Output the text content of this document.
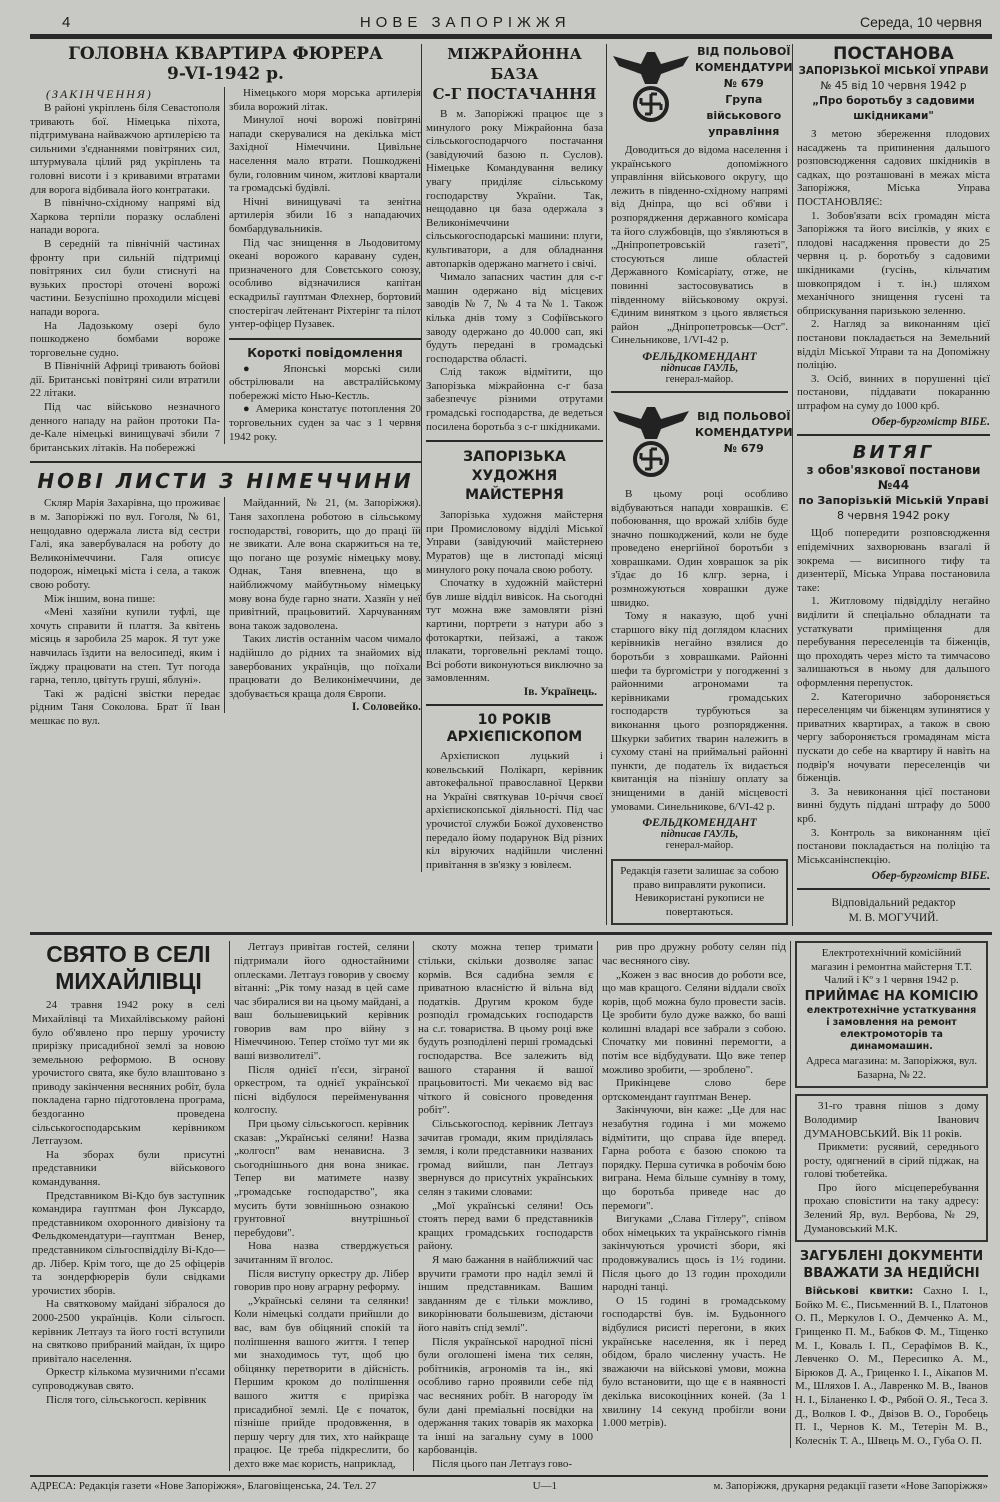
4	НОВЕ ЗАПОРІЖЖЯ	Середа, 10 червня
ГОЛОВНА КВАРТИРА ФЮРЕРА
9-VI-1942 р.
(ЗАКІНЧЕННЯ)

В районі укріплень біля Севастополя тривають бої. Німецька піхота, підтримувана найважчою артилерією та сильними з'єднаннями повітряних сил, штурмувала цілий ряд укріплень та головні висоти і з кривавими втратами для ворога відбивала його контратаки.

В північно-східному напрямі від Харкова терпіли поразку ослаблені напади ворога.

В середній та північній частинах фронту при сильній підтримці повітряних сил були стиснуті на вузьких просторі оточені ворожі частини. Безуспішно проходили місцеві напади ворога.

На Ладозькому озері було пошкоджено бомбами вороже торговельне судно.

В Північній Африці тривають бойові дії. Британські повітряні сили втратили 22 літаки.

Під час військово незначного денного нападу на район протоки Па-де-Кале німецькі винищувачі збили 7 британських літаків. На побережжі

Німецького моря морська артилерія збила ворожий літак.

Минулої ночі ворожі повітряні напади скерувалися на декілька міст Західної Німеччини. Цивільне населення мало втрати. Пошкоджені були, головним чином, житлові квартали та громадські будівлі.

Нічні винищувачі та зенітна артилерія збили 16 з нападаючих бомбардувальників.

Під час знищення в Льодовитому океані ворожого каравану суден, призначеного для Совєтського союзу, особливо відзначилися капітан ескадрильї гауптман Флехнер, бортовий спостерігач лейтенант Ріхтерінг та пілот унтер-офіцер Пузавек.

Короткі повідомлення

● Японські морські сили обстрілювали на австралійському побережжі місто Нью-Кестль.

● Америка констатує потоплення 20 торговельних суден за час з 1 червня 1942 року.

НОВІ ЛИСТИ З НІМЕЧЧИНИ

Скляр Марія Захарівна, що проживає в м. Запоріжжі по вул. Гоголя, № 61, нещодавно одержала листа від сестри Галі, яка завербувалася на роботу до Великонімеччини. Галя описує подорож, німецькі міста і села, а також свою роботу.

Між іншим, вона пише:

«Мені хазяїни купили туфлі, ще хочуть справити й плаття. За квітень місяць я заробила 25 марок. Я тут уже навчилась їздити на велосипеді, яким і їжджу працювати на степ. Тут погода гарна, тепло, цвітуть груші, яблуні».

Такі ж радісні звістки передає рідним Таня Соколова. Брат її Іван мешкає по вул.

Майданний, № 21, (м. Запоріжжя). Таня захоплена роботою в сільському господарстві, говорить, що до праці їй не звикати. Але вона скаржиться на те, що погано ще розуміє німецьку мову. Однак, Таня впевнена, що в найближчому майбутньому німецьку мову вона буде гарно знати. Хазяїн у неї привітний, працьовитий. Харчуванням вона також задоволена.

Таких листів останнім часом чимало надійшло до рідних та знайомих від завербованих українців, що поїхали працювати до Великонімеччини, де здобувається краща доля Європи.

І. Соловейко.
МІЖРАЙОННА БАЗА
С-Г ПОСТАЧАННЯ

В м. Запоріжжі працює ще з минулого року Міжрайонна база сільськогосподарчого постачання (завідуючий базою п. Суслов). Німецьке Командування велику увагу приділяє сільському господарству України. Так, нещодавно ця база одержала з Великонімеччини сільськогосподарські машини: плуги, культиватори, а для обладнання автопарків одержано магнето і свічі.

Чимало запасних частин для с-г машин одержано від місцевих заводів № 7, № 4 та № 1. Також кілька днів тому з Софіївського заводу одержано до 40.000 сап, які будуть передані в громадські господарства області.

Слід також відмітити, що Запорізька міжрайонна с-г база забезпечує різними отрутами громадські господарства, де ведеться посилена боротьба з с-г шкідниками.

ЗАПОРІЗЬКА ХУДОЖНЯ МАЙСТЕРНЯ

Запорізька художня майстерня при Промисловому відділі Міської Управи (завідуючий майстернею Муратов) ще в листопаді місяці минулого року почала свою роботу.

Спочатку в художній майстерні був лише відділ вивісок. На сьогодні тут можна вже замовляти різні картини, портрети з натури або з фотокартки, пейзажі, а також плакати, торговельні рекламі тощо. Всі роботи виконуються виключно за замовленням.

Ів. Українець.
10 РОКІВ
АРХІЄПІСКОПОМ

Архієпископ луцький і ковельський Полікарп, керівник автокефальної православної Церкви на Україні святкував 10-річчя своєї архієпископської діяльності. Під час урочистої служби Божої духовенство передало йому подарунок Від різних кіл віруючих надійшли численні привітання в зв'язку з ювілеєм.

ВІД ПОЛЬОВОЇ КОМЕНДАТУРИ
№ 679
Група військового управління

Доводиться до відома населення і українського допоміжного управління військового округу, що лежить в південно-східному напрямі від Дніпра, що всі об'яви і розпорядження державного комісара та його службовців, що з'являються в „Дніпропетровській газеті", стосуються лише областей Державного Комісаріату, отже, не повинні застосовуватись в південному військовому окрузі. Єдиним винятком з цього являється район „Дніпропетровськ—Ост". Синельникове, 1/VI-42 р.

ФЕЛЬДКОМЕНДАНТ
підписав ГАУЛЬ,
генерал-майор.
ВІД ПОЛЬОВОЇ КОМЕНДАТУРИ
№ 679

В цьому році особливо відбуваються напади ховрашків. Є побоювання, що врожай хлібів буде значно пошкоджений, коли не буде проведено енергійної боротьби з ховрашками. Один ховрашок за рік з'їдає до 16 клгр. зерна, і розмножуються ховрашки дуже швидко.

Тому я наказую, щоб учні старшого віку під доглядом класних керівників негайно взялися до боротьби з ховрашками. Районні шефи та бургомістри у погодженні з районними агрономами та керівниками громадських господарств турбуються за виконання цього розпорядження. Шкурки забитих тварин належить в сухому стані на приймальні районні пункти, де податель їх видається квитанція на пізнішу оплату за знищеними в даній місцевості умовами. Синельникове, 6/VI-42 р.

ФЕЛЬДКОМЕНДАНТ
підписав ГАУЛЬ,
генерал-майор.
Редакція газети залишає за собою право виправляти рукописи. Невикористані рукописи не повертаються.
ПОСТАНОВА
ЗАПОРІЗЬКОЇ МІСЬКОЇ УПРАВИ
№ 45 від 10 червня 1942 р
„Про боротьбу з садовими шкідниками"

З метою збереження плодових насаджень та припинення дальшого розповсюдження садових шкідників в садках, що розташовані в межах міста Запоріжжя, Міська Управа ПОСТАНОВЛЯЄ:

1. Зобов'язати всіх громадян міста Запоріжжя та його висілків, у яких є плодові насадження провести до 25 червня ц. р. боротьбу з садовими шкідниками (гусінь, кільчатим шовкопрядом і т. ін.) шляхом механічного знищення гусені та обприскування паризькою зеленню.

2. Нагляд за виконанням цієї постанови покладається на Земельний відділ Міської Управи та на Допоміжну поліцію.

3. Осіб, винних в порушенні цієї постанови, піддавати покаранню штрафом на суму до 1000 крб.

Обер-бургомістр ВІБЕ.
ВИТЯГ
з обов'язкової постанови №44
по Запорізькій Міській Управі
8 червня 1942 року

Щоб попередити розповсюдження епідемічних захворювань взагалі й зокрема — висипного тифу та дизентерії, Міська Управа постановила таке:

1. Житловому підвідділу негайно виділити й спеціально обладнати та устаткувати приміщення для перебування переселенців та біженців, що проходять через місто та тимчасово залишаються в ньому для дальшого оформлення перепусток.

2. Категорично забороняється переселенцям чи біженцям зупинятися у приватних квартирах, а також в свою чергу забороняється громадянам міста пускати до себе на квартиру й навіть на подвір'я ночувати переселенців чи біженців.

3. За невиконання цієї постанови винні будуть піддані штрафу до 5000 крб.

3. Контроль за виконанням цієї постанови покладається на поліцію та Міськсанінспекцію.

Обер-бургомістр ВІБЕ.
Відповідальний редактор
М. В. МОГУЧИЙ.
СВЯТО В СЕЛІ
МИХАЙЛІВЦІ

24 травня 1942 року в селі Михайлівці та Михайлівському районі було об'явлено про першу урочисту прирізку присадибної землі за новою земельною реформою. В основу урочистого свята, яке було влаштовано з приводу закінчення весняних робіт, була покладена гарно підготовлена програма, бездоганно проведена сільськогосподарським керівником Летгаузом.

На зборах були присутні представники військового командування.

Представником Ві-Кдо був заступник командира гауптман фон Луксардо, представником охоронного дивізіону та Фельдкомендатури—гауптман Венер, представником сільгоспвідділу Ві-Кдо—др. Лібер. Крім того, ще до 25 офіцерів та зондерфюрерів були свідками урочистих зборів.

На святковому майдані зібралося до 2000-2500 українців. Коли сільгосп. керівник Летгауз та його гості вступили на святково прибраний майдан, їх щиро привітало населення.

Оркестр кількома музичними п'єсами супроводжував свято.

Після того, сільськогосп. керівник

Летгауз привітав гостей, селяни підтримали його одностайними оплесками. Летгауз говорив у своєму вітанні: „Рік тому назад в цей саме час збиралися ви на цьому майдані, а ваш большевицький керівник говорив вам про війну з Німеччиною. Тепер стоїмо тут ми як ваші визволителі".

Після однієї п'єси, зіграної оркестром, та однієї української пісні відбулося перейменування колгоспу.

При цьому сільськогосп. керівник сказав: „Українські селяни! Назва „колгосп" вам ненависна. З сьогоднішнього дня вона зникає. Тепер ви матимете назву „громадське господарство", яка мусить бути зовнішньою ознакою грунтовної внутрішньої перебудови".

Нова назва стверджується зачитанням її вголос.

Після виступу оркестру др. Лібер говорив про нову аграрну реформу.

„Українські селяни та селянки! Коли німецькі солдати прийшли до вас, вам був обіцяний спокій та поліпшення вашого життя. І тепер ми знаходимось тут, щоб цю обіцянку перетворити в дійсність. Першим кроком до поліпшення вашого життя є прирізка присадибної землі. Це є початок, пізніше прийде продовження, в першу чергу для тих, хто найкраще працює. Це треба підкреслити, бо дехто вже має користь, наприклад,

скоту можна тепер тримати стільки, скільки дозволяє запас кормів. Вся садибна земля є приватною власністю й вільна від податків. Другим кроком буде розподіл громадських господарств на с.г. товариства. В цьому році вже будуть розподілені перші громадські господарства. Все залежить від вашого старання й вашої працьовитості. Ми чекаємо від вас чіткого й совісного проведення робіт".

Сільськогоспод. керівник Летгауз зачитав громади, яким приділялась земля, і коли представники названих громад вийшли, пан Летгауз звернувся до присутніх українських селян з такими словами:

„Мої українські селяни! Ось стоять перед вами 6 представників кращих громадських господарств району.

Я маю бажання в найближчий час вручити грамоти про наділ землі й іншим представникам. Вашим завданням де є тільки можливо, викорінювати большевизм, дістаючи його навіть спід землі".

Після української народної пісні були оголошені імена тих селян, робітників, агрономів та ін., які особливо гарно проявили себе під час весняних робіт. В нагороду їм були дані преміальні посвідки на одержання таких товарів як махорка та інші на загальну суму в 1000 карбованців.

Після цього пан Летгауз гово-

рив про дружну роботу селян під час весняного сіву.

„Кожен з вас вносив до роботи все, що мав кращого. Селяни віддали своїх корів, щоб можна було провести засів. Це зробити було дуже важко, бо ваші колишні владарі все забрали з собою. Спочатку ми повинні перемогти, а потім все відбудувати. Що вже тепер можливо зробити, — зроблено".

Прикінцеве слово бере ортскомендант гауптман Венер.

Закінчуючи, він каже: „Це для нас незабутня година і ми можемо відмітити, що справа йде вперед. Гарна робота є базою спокою та порядку. Перша сутичка в робочім бою виграна. Нема більше сумніву в тому, що боротьба приведе нас до перемоги".

Вигуками „Слава Гітлеру", співом обох німецьких та українського гімнів закінчуються урочисті збори, які продовжувались щось із 1½ години. Після цього до 13 годин проходили народні танці.

О 15 годині в громадському господарстві був. ім. Будьонного відбулися рисисті перегони, в яких українське населення, як і перед обідом, брало численну участь. Не зважаючи на військові умови, можна було встановити, що ще є в наявності декілька високоцінних коней. (За 1 хвилину 14 секунд пробігли вони 1.000 метрів).

Електротехнічний комісійний магазин і ремонтна майстерня Т.Т. Чалий і Кº з 1 червня 1942 р.
ПРИЙМАЄ НА КОМІСІЮ
електротехнічне устаткування і замовлення на ремонт електромоторів та динамомашин.
Адреса магазина: м. Запоріжжя, вул. Базарна, № 22.

31-го травня пішов з дому Володимир Іванович ДУМАНОВСЬКИЙ. Вік 11 років.

Прикмети: русявий, середнього росту, одягнений в сірий піджак, на голові тюбетейка.

Про його місцеперебування прохаю сповістити на таку адресу: Зелений Яр, вул. Вербова, № 29, Думановський М.К.

ЗАГУБЛЕНІ ДОКУМЕНТИ
ВВАЖАТИ ЗА НЕДІЙСНІ
Військові квитки: Сахно І. І., Бойко М. Є., Письменний В. І., Платонов О. П., Меркулов І. О., Демченко А. М., Грищенко П. М., Бабков Ф. М., Тіщенко М. І., Коваль І. П., Серафімов В. К., Левченко О. М., Пересипко А. М., Бірюков Д. А., Гриценко І. І., Аікапов М. М., Шляхов І. А., Лавренко М. В., Іванов Н. І., Біланенко І. Ф., Рябой О. Я., Теса З. Д., Волков І. Ф., Двізов В. О., Горобець П. І., Чернов К. М., Тетерін М. В., Колеснік Т. А., Швець М. О., Губа О. П.
АДРЕСА: Редакція газети «Нове Запоріжжя», Благовіщенська, 24. Тел. 27	U—1	м. Запоріжжя, друкарня редакції газети «Нове Запоріжжя»
